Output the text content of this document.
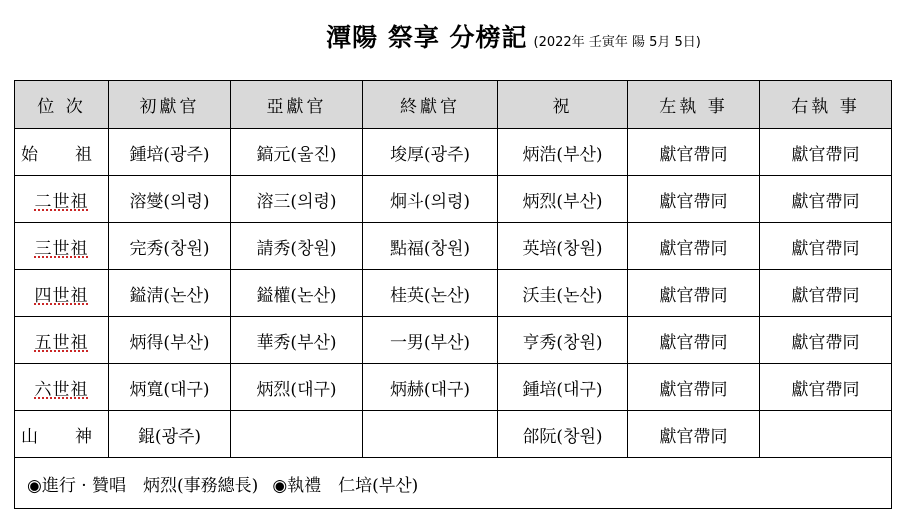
潭陽 祭享 分榜記 (2022年 壬寅年 陽 5月 5日)
位 次	初獻官	亞獻官	終獻官	祝	左執 事	右執 事
始　祖	鍾培(광주)	鎬元(울진)	埈厚(광주)	炳浩(부산)	獻官帶同	獻官帶同
二世祖	溶燮(의령)	溶三(의령)	炯斗(의령)	炳烈(부산)	獻官帶同	獻官帶同
三世祖	完秀(창원)	請秀(창원)	點福(창원)	英培(창원)	獻官帶同	獻官帶同
四世祖	鎰淸(논산)	鎰權(논산)	桂英(논산)	沃圭(논산)	獻官帶同	獻官帶同
五世祖	炳得(부산)	華秀(부산)	一男(부산)	亨秀(창원)	獻官帶同	獻官帶同
六世祖	炳寬(대구)	炳烈(대구)	炳赫(대구)	鍾培(대구)	獻官帶同	獻官帶同
山　神	錕(광주)			郃阮(창원)	獻官帶同	
◉進行 · 贊唱　炳烈(事務總長) ◉執禮　仁培(부산)						
